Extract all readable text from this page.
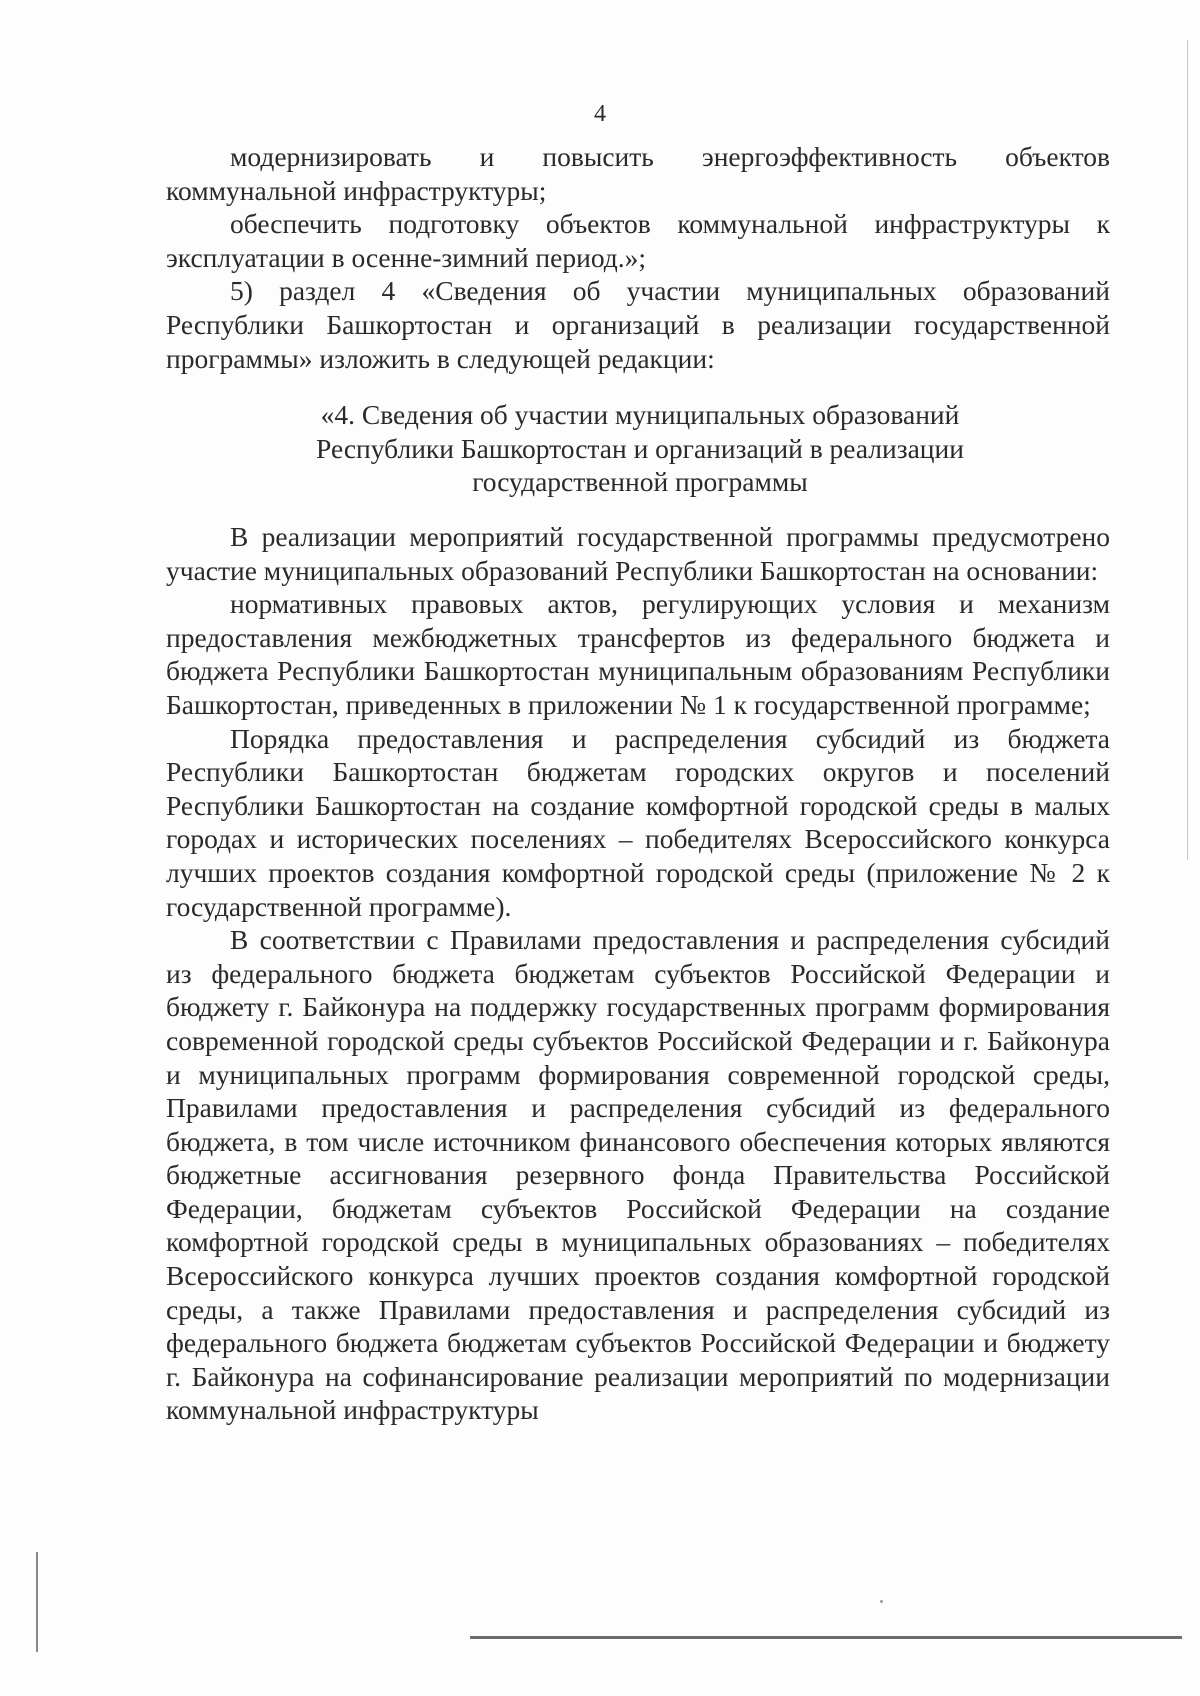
4

модернизировать и повысить энергоэффективность объектов коммунальной инфраструктуры;

обеспечить подготовку объектов коммунальной инфраструктуры к эксплуатации в осенне-зимний период.»;

5) раздел 4 «Сведения об участии муниципальных образований Республики Башкортостан и организаций в реализации государственной программы» изложить в следующей редакции:

«4. Сведения об участии муниципальных образований
Республики Башкортостан и организаций в реализации
государственной программы

В реализации мероприятий государственной программы предусмотрено участие муниципальных образований Республики Башкортостан на основании:

нормативных правовых актов, регулирующих условия и механизм предоставления межбюджетных трансфертов из федерального бюджета и бюджета Республики Башкортостан муниципальным образованиям Республики Башкортостан, приведенных в приложении № 1 к государственной программе;

Порядка предоставления и распределения субсидий из бюджета Республики Башкортостан бюджетам городских округов и поселений Республики Башкортостан на создание комфортной городской среды в малых городах и исторических поселениях – победителях Всероссийского конкурса лучших проектов создания комфортной городской среды (приложение № 2 к государственной программе).

В соответствии с Правилами предоставления и распределения субсидий из федерального бюджета бюджетам субъектов Российской Федерации и бюджету г. Байконура на поддержку государственных программ формирования современной городской среды субъектов Российской Федерации и г. Байконура и муниципальных программ формирования современной городской среды, Правилами предоставления и распределения субсидий из федерального бюджета, в том числе источником финансового обеспечения которых являются бюджетные ассигнования резервного фонда Правительства Российской Федерации, бюджетам субъектов Российской Федерации на создание комфортной городской среды в муниципальных образованиях – победителях Всероссийского конкурса лучших проектов создания комфортной городской среды, а также Правилами предоставления и распределения субсидий из федерального бюджета бюджетам субъектов Российской Федерации и бюджету г. Байконура на софинансирование реализации мероприятий по модернизации коммунальной инфраструктуры
